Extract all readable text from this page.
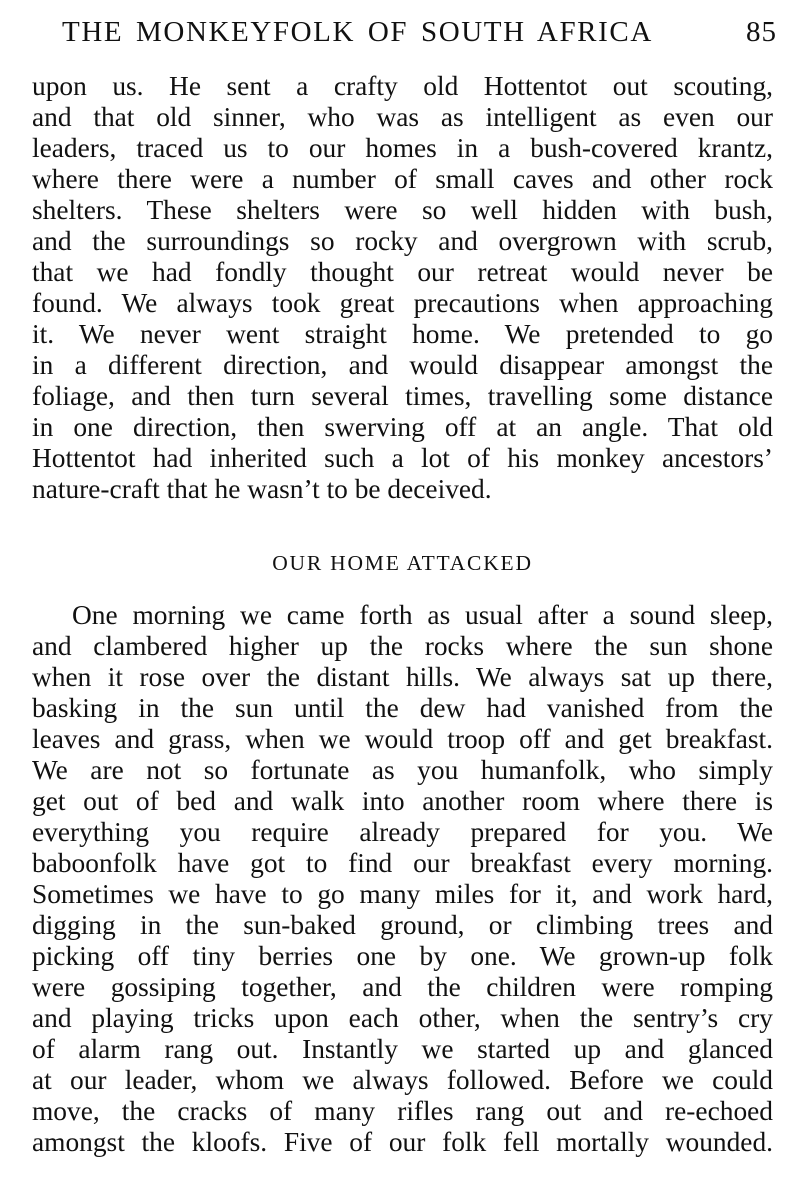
THE MONKEYFOLK OF SOUTH AFRICA	85
upon us. He sent a crafty old Hottentot out scouting,
and that old sinner, who was as intelligent as even our
leaders, traced us to our homes in a bush-covered krantz,
where there were a number of small caves and other rock
shelters. These shelters were so well hidden with bush,
and the surroundings so rocky and overgrown with scrub,
that we had fondly thought our retreat would never be
found. We always took great precautions when approaching
it. We never went straight home. We pretended to go
in a different direction, and would disappear amongst the
foliage, and then turn several times, travelling some distance
in one direction, then swerving off at an angle. That old
Hottentot had inherited such a lot of his monkey ancestors’
nature-craft that he wasn’t to be deceived.
OUR HOME ATTACKED
One morning we came forth as usual after a sound sleep,
and clambered higher up the rocks where the sun shone
when it rose over the distant hills. We always sat up there,
basking in the sun until the dew had vanished from the
leaves and grass, when we would troop off and get breakfast.
We are not so fortunate as you humanfolk, who simply
get out of bed and walk into another room where there is
everything you require already prepared for you. We
baboonfolk have got to find our breakfast every morning.
Sometimes we have to go many miles for it, and work hard,
digging in the sun-baked ground, or climbing trees and
picking off tiny berries one by one. We grown-up folk
were gossiping together, and the children were romping
and playing tricks upon each other, when the sentry’s cry
of alarm rang out. Instantly we started up and glanced
at our leader, whom we always followed. Before we could
move, the cracks of many rifles rang out and re-echoed
amongst the kloofs. Five of our folk fell mortally wounded.
